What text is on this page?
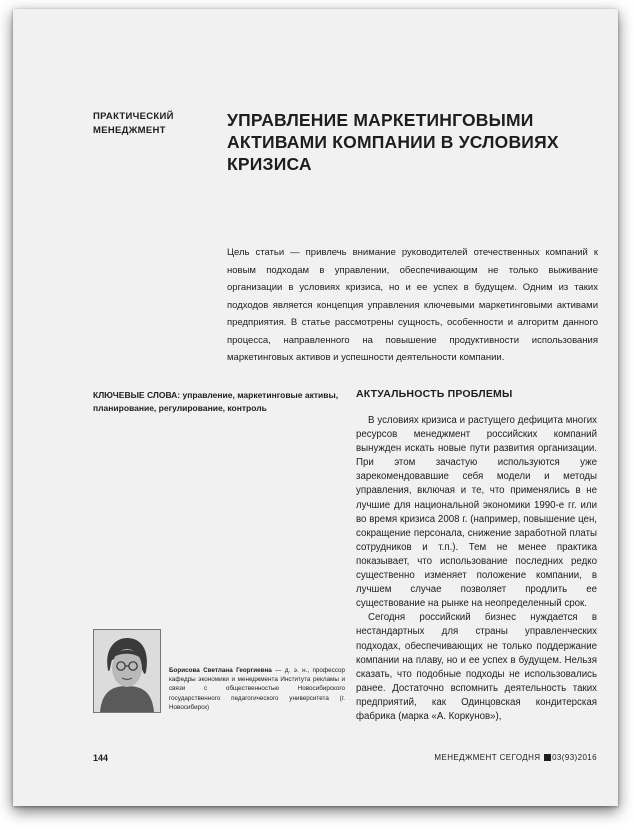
ПРАКТИЧЕСКИЙ МЕНЕДЖМЕНТ
УПРАВЛЕНИЕ МАРКЕТИНГОВЫМИ АКТИВАМИ КОМПАНИИ В УСЛОВИЯХ КРИЗИСА
Цель статьи — привлечь внимание руководителей отечественных компаний к новым подходам в управлении, обеспечивающим не только выживание организации в условиях кризиса, но и ее успех в будущем. Одним из таких подходов является концепция управления ключевыми маркетинговыми активами предприятия. В статье рассмотрены сущность, особенности и алгоритм данного процесса, направленного на повышение продуктивности использования маркетинговых активов и успешности деятельности компании.
КЛЮЧЕВЫЕ СЛОВА: управление, маркетинговые активы, планирование, регулирование, контроль
АКТУАЛЬНОСТЬ ПРОБЛЕМЫ

В условиях кризиса и растущего дефицита многих ресурсов менеджмент российских компаний вынужден искать новые пути развития организации. При этом зачастую используются уже зарекомендовавшие себя модели и методы управления, включая и те, что применялись в не лучшие для национальной экономики 1990-е гг. или во время кризиса 2008 г. (например, повышение цен, сокращение персонала, снижение заработной платы сотрудников и т.п.). Тем не менее практика показывает, что использование последних редко существенно изменяет положение компании, в лучшем случае позволяет продлить ее существование на рынке на неопределенный срок.

Сегодня российский бизнес нуждается в нестандартных для страны управленческих подходах, обеспечивающих не только поддержание компании на плаву, но и ее успех в будущем. Нельзя сказать, что подобные подходы не использовались ранее. Достаточно вспомнить деятельность таких предприятий, как Одинцовская кондитерская фабрика (марка «А. Коркунов»),

Борисова Светлана Георгиевна — д. э. н., профессор кафедры экономики и менеджмента Института рекламы и связи с общественностью Новосибирского государственного педагогического университета (г. Новосибирск)
144	МЕНЕДЖМЕНТ СЕГОДНЯ 03(93)2016
